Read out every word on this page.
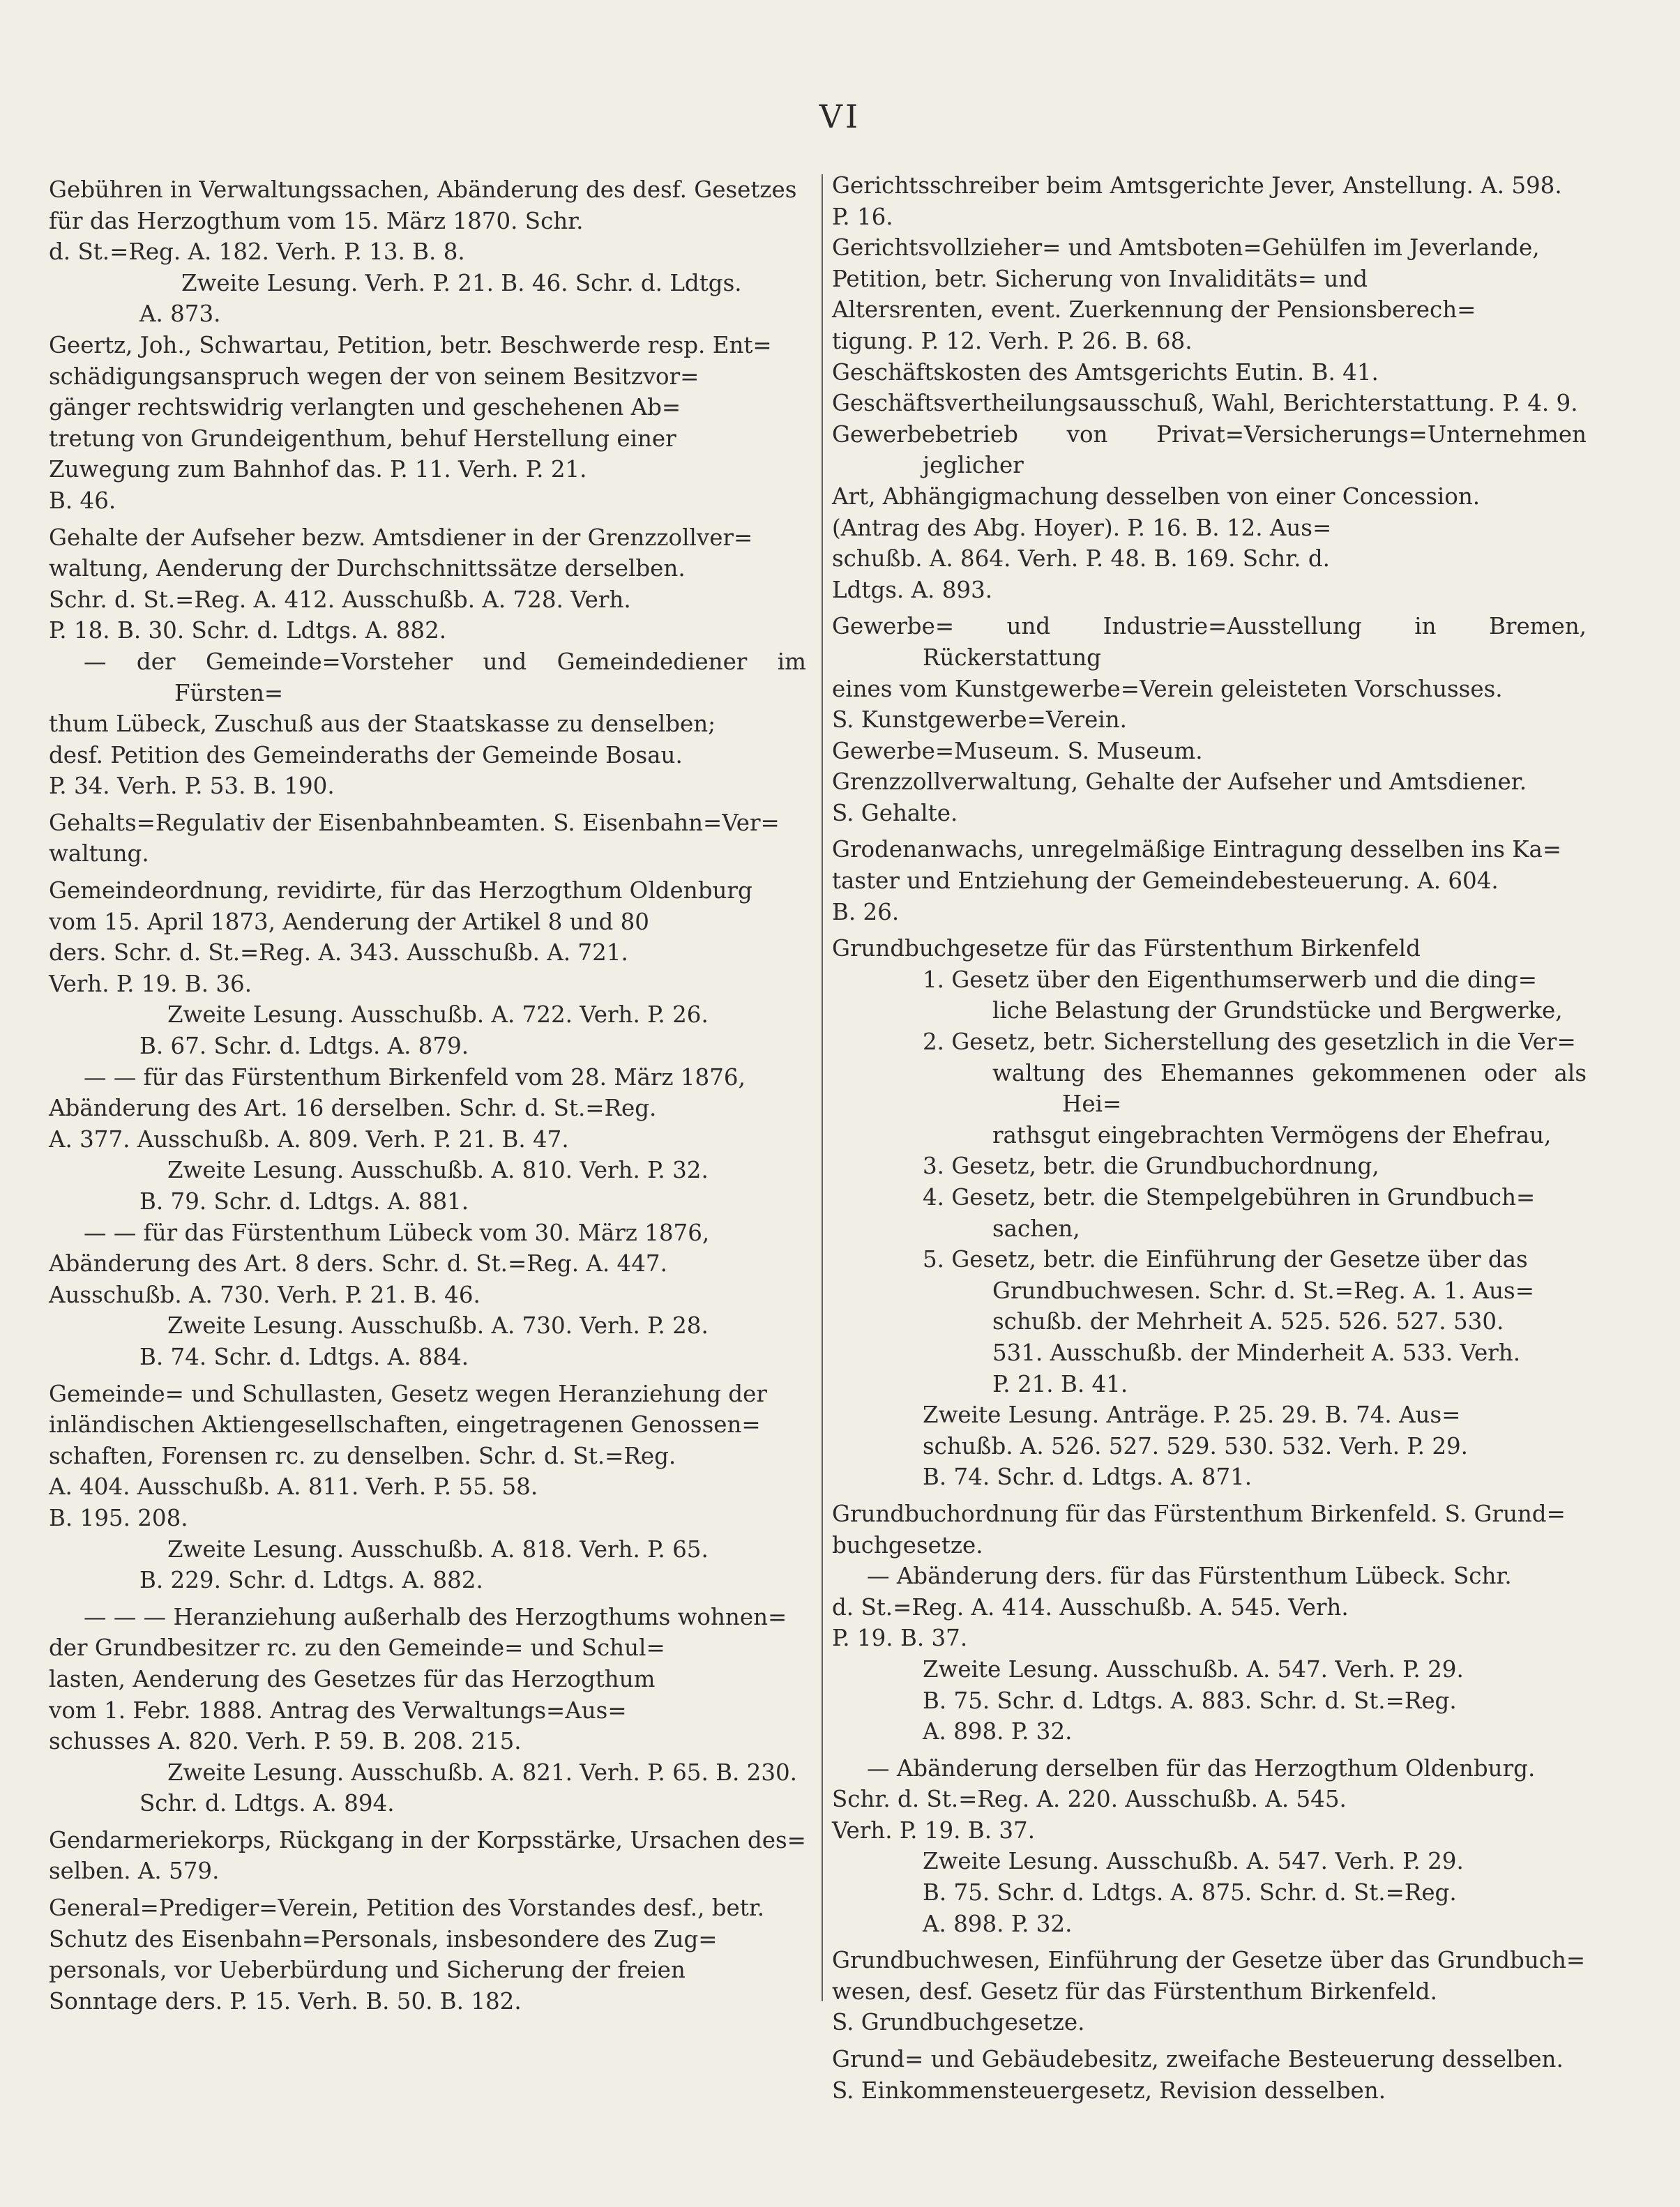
VI

Gebühren in Verwaltungssachen, Abänderung des desf. Gesetzes
für das Herzogthum vom 15. März 1870. Schr.
d. St.=Reg. A. 182. Verh. P. 13. B. 8.

Zweite Lesung. Verh. P. 21. B. 46. Schr. d. Ldtgs.
A. 873.

Geertz, Joh., Schwartau, Petition, betr. Beschwerde resp. Ent=
schädigungsanspruch wegen der von seinem Besitzvor=
gänger rechtswidrig verlangten und geschehenen Ab=
tretung von Grundeigenthum, behuf Herstellung einer
Zuwegung zum Bahnhof das. P. 11. Verh. P. 21.
B. 46.

Gehalte der Aufseher bezw. Amtsdiener in der Grenzzollver=
waltung, Aenderung der Durchschnittssätze derselben.
Schr. d. St.=Reg. A. 412. Ausschußb. A. 728. Verh.
P. 18. B. 30. Schr. d. Ldtgs. A. 882.

— der Gemeinde=Vorsteher und Gemeindediener im Fürsten=
thum Lübeck, Zuschuß aus der Staatskasse zu denselben;
desf. Petition des Gemeinderaths der Gemeinde Bosau.
P. 34. Verh. P. 53. B. 190.

Gehalts=Regulativ der Eisenbahnbeamten. S. Eisenbahn=Ver=
waltung.

Gemeindeordnung, revidirte, für das Herzogthum Oldenburg
vom 15. April 1873, Aenderung der Artikel 8 und 80
ders. Schr. d. St.=Reg. A. 343. Ausschußb. A. 721.
Verh. P. 19. B. 36.

Zweite Lesung. Ausschußb. A. 722. Verh. P. 26.
B. 67. Schr. d. Ldtgs. A. 879.

— — für das Fürstenthum Birkenfeld vom 28. März 1876,
Abänderung des Art. 16 derselben. Schr. d. St.=Reg.
A. 377. Ausschußb. A. 809. Verh. P. 21. B. 47.

Zweite Lesung. Ausschußb. A. 810. Verh. P. 32.
B. 79. Schr. d. Ldtgs. A. 881.

— — für das Fürstenthum Lübeck vom 30. März 1876,
Abänderung des Art. 8 ders. Schr. d. St.=Reg. A. 447.
Ausschußb. A. 730. Verh. P. 21. B. 46.

Zweite Lesung. Ausschußb. A. 730. Verh. P. 28.
B. 74. Schr. d. Ldtgs. A. 884.

Gemeinde= und Schullasten, Gesetz wegen Heranziehung der
inländischen Aktiengesellschaften, eingetragenen Genossen=
schaften, Forensen rc. zu denselben. Schr. d. St.=Reg.
A. 404. Ausschußb. A. 811. Verh. P. 55. 58.
B. 195. 208.

Zweite Lesung. Ausschußb. A. 818. Verh. P. 65.
B. 229. Schr. d. Ldtgs. A. 882.

— — — Heranziehung außerhalb des Herzogthums wohnen=
der Grundbesitzer rc. zu den Gemeinde= und Schul=
lasten, Aenderung des Gesetzes für das Herzogthum
vom 1. Febr. 1888. Antrag des Verwaltungs=Aus=
schusses A. 820. Verh. P. 59. B. 208. 215.

Zweite Lesung. Ausschußb. A. 821. Verh. P. 65. B. 230.
Schr. d. Ldtgs. A. 894.

Gendarmeriekorps, Rückgang in der Korpsstärke, Ursachen des=
selben. A. 579.

General=Prediger=Verein, Petition des Vorstandes desf., betr.
Schutz des Eisenbahn=Personals, insbesondere des Zug=
personals, vor Ueberbürdung und Sicherung der freien
Sonntage ders. P. 15. Verh. B. 50. B. 182.

Gerichtsschreiber beim Amtsgerichte Jever, Anstellung. A. 598.
P. 16.

Gerichtsvollzieher= und Amtsboten=Gehülfen im Jeverlande,
Petition, betr. Sicherung von Invaliditäts= und
Altersrenten, event. Zuerkennung der Pensionsberech=
tigung. P. 12. Verh. P. 26. B. 68.

Geschäftskosten des Amtsgerichts Eutin. B. 41.

Geschäftsvertheilungsausschuß, Wahl, Berichterstattung. P. 4. 9.

Gewerbebetrieb von Privat=Versicherungs=Unternehmen jeglicher
Art, Abhängigmachung desselben von einer Concession.
(Antrag des Abg. Hoyer). P. 16. B. 12. Aus=
schußb. A. 864. Verh. P. 48. B. 169. Schr. d.
Ldtgs. A. 893.

Gewerbe= und Industrie=Ausstellung in Bremen, Rückerstattung
eines vom Kunstgewerbe=Verein geleisteten Vorschusses.
S. Kunstgewerbe=Verein.

Gewerbe=Museum. S. Museum.

Grenzzollverwaltung, Gehalte der Aufseher und Amtsdiener.
S. Gehalte.

Grodenanwachs, unregelmäßige Eintragung desselben ins Ka=
taster und Entziehung der Gemeindebesteuerung. A. 604.
B. 26.

Grundbuchgesetze für das Fürstenthum Birkenfeld

1. Gesetz über den Eigenthumserwerb und die ding=
liche Belastung der Grundstücke und Bergwerke,

2. Gesetz, betr. Sicherstellung des gesetzlich in die Ver=
waltung des Ehemannes gekommenen oder als Hei=
rathsgut eingebrachten Vermögens der Ehefrau,

3. Gesetz, betr. die Grundbuchordnung,

4. Gesetz, betr. die Stempelgebühren in Grundbuch=
sachen,

5. Gesetz, betr. die Einführung der Gesetze über das
Grundbuchwesen. Schr. d. St.=Reg. A. 1. Aus=
schußb. der Mehrheit A. 525. 526. 527. 530.
531. Ausschußb. der Minderheit A. 533. Verh.
P. 21. B. 41.

Zweite Lesung. Anträge. P. 25. 29. B. 74. Aus=
schußb. A. 526. 527. 529. 530. 532. Verh. P. 29.
B. 74. Schr. d. Ldtgs. A. 871.

Grundbuchordnung für das Fürstenthum Birkenfeld. S. Grund=
buchgesetze.

— Abänderung ders. für das Fürstenthum Lübeck. Schr.
d. St.=Reg. A. 414. Ausschußb. A. 545. Verh.
P. 19. B. 37.

Zweite Lesung. Ausschußb. A. 547. Verh. P. 29.
B. 75. Schr. d. Ldtgs. A. 883. Schr. d. St.=Reg.
A. 898. P. 32.

— Abänderung derselben für das Herzogthum Oldenburg.
Schr. d. St.=Reg. A. 220. Ausschußb. A. 545.
Verh. P. 19. B. 37.

Zweite Lesung. Ausschußb. A. 547. Verh. P. 29.
B. 75. Schr. d. Ldtgs. A. 875. Schr. d. St.=Reg.
A. 898. P. 32.

Grundbuchwesen, Einführung der Gesetze über das Grundbuch=
wesen, desf. Gesetz für das Fürstenthum Birkenfeld.
S. Grundbuchgesetze.

Grund= und Gebäudebesitz, zweifache Besteuerung desselben.
S. Einkommensteuergesetz, Revision desselben.
